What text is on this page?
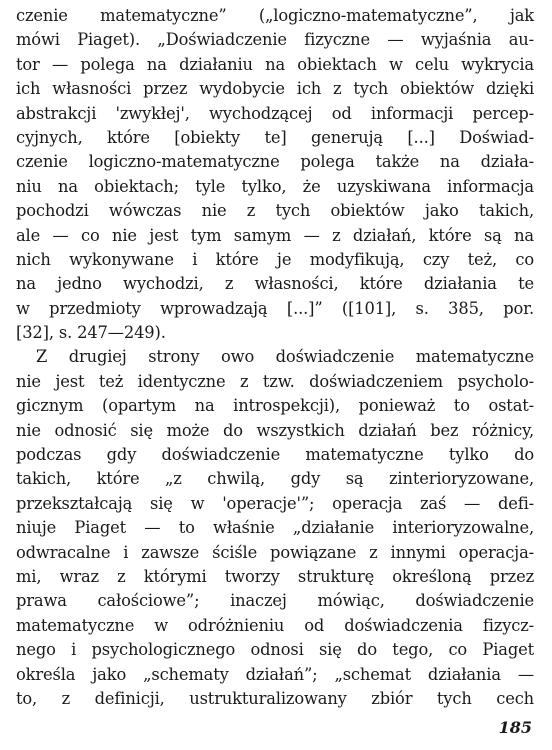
czenie matematyczne” („logiczno-matematyczne”, jak
mówi Piaget). „Doświadczenie fizyczne — wyjaśnia au-
tor — polega na działaniu na obiektach w celu wykrycia
ich własności przez wydobycie ich z tych obiektów dzięki
abstrakcji 'zwykłej', wychodzącej od informacji percep-
cyjnych, które [obiekty te] generują [...] Doświad-
czenie logiczno-matematyczne polega także na działa-
niu na obiektach; tyle tylko, że uzyskiwana informacja
pochodzi wówczas nie z tych obiektów jako takich,
ale — co nie jest tym samym — z działań, które są na
nich wykonywane i które je modyfikują, czy też, co
na jedno wychodzi, z własności, które działania te
w przedmioty wprowadzają [...]” ([101], s. 385, por.
[32], s. 247—249).
Z drugiej strony owo doświadczenie matematyczne
nie jest też identyczne z tzw. doświadczeniem psycholo-
gicznym (opartym na introspekcji), ponieważ to ostat-
nie odnosić się może do wszystkich działań bez różnicy,
podczas gdy doświadczenie matematyczne tylko do
takich, które „z chwilą, gdy są zinterioryzowane,
przekształcają się w 'operacje'”; operacja zaś — defi-
niuje Piaget — to właśnie „działanie interioryzowalne,
odwracalne i zawsze ściśle powiązane z innymi operacja-
mi, wraz z którymi tworzy strukturę określoną przez
prawa całościowe”; inaczej mówiąc, doświadczenie
matematyczne w odróżnieniu od doświadczenia fizycz-
nego i psychologicznego odnosi się do tego, co Piaget
określa jako „schematy działań”; „schemat działania —
to, z definicji, ustrukturalizowany zbiór tych cech
185
